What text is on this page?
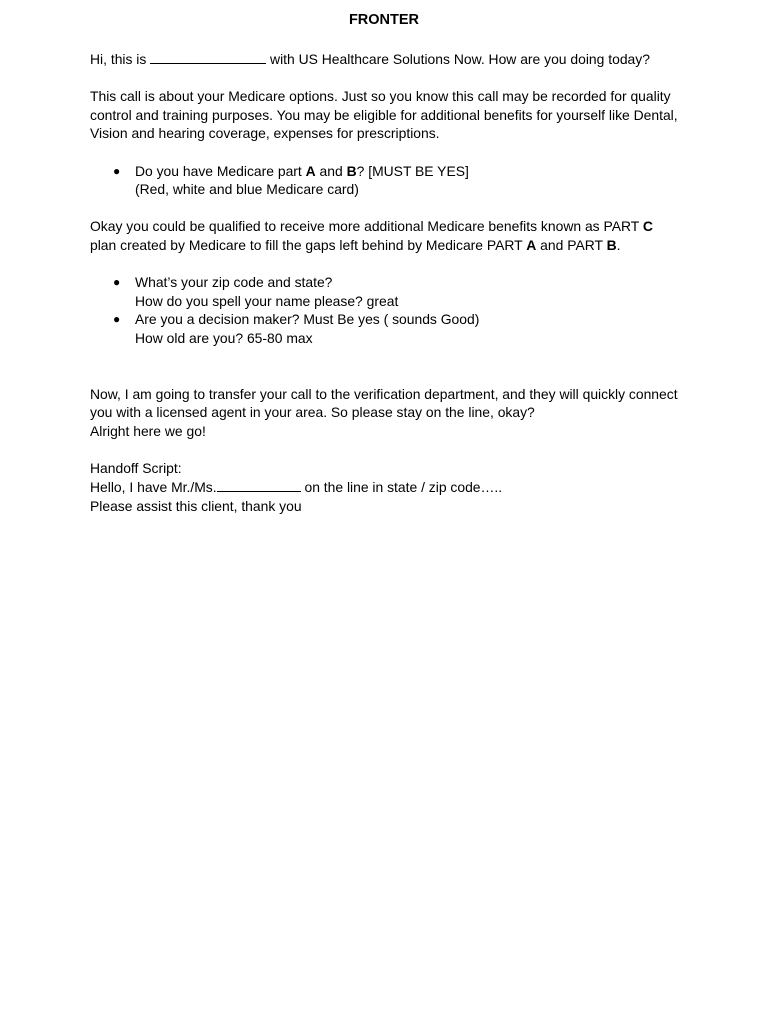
FRONTER

Hi, this is	with US Healthcare Solutions Now. How are you doing today?

This call is about your Medicare options. Just so you know this call may be recorded for quality

control and training purposes. You may be eligible for additional benefits for yourself like Dental,

Vision and hearing coverage, expenses for prescriptions.

● Do you have Medicare part A and B? [MUST BE YES]
(Red, white and blue Medicare card)

Okay you could be qualified to receive more additional Medicare benefits known as PART C

plan created by Medicare to fill the gaps left behind by Medicare PART A and PART B.

● What’s your zip code and state?
How do you spell your name please? great
● Are you a decision maker? Must Be yes ( sounds Good)
How old are you? 65-80 max

Now, I am going to transfer your call to the verification department, and they will quickly connect

you with a licensed agent in your area. So please stay on the line, okay?

Alright here we go!

Handoff Script:

Hello, I have Mr./Ms.	on the line in state / zip code…..

Please assist this client, thank you
